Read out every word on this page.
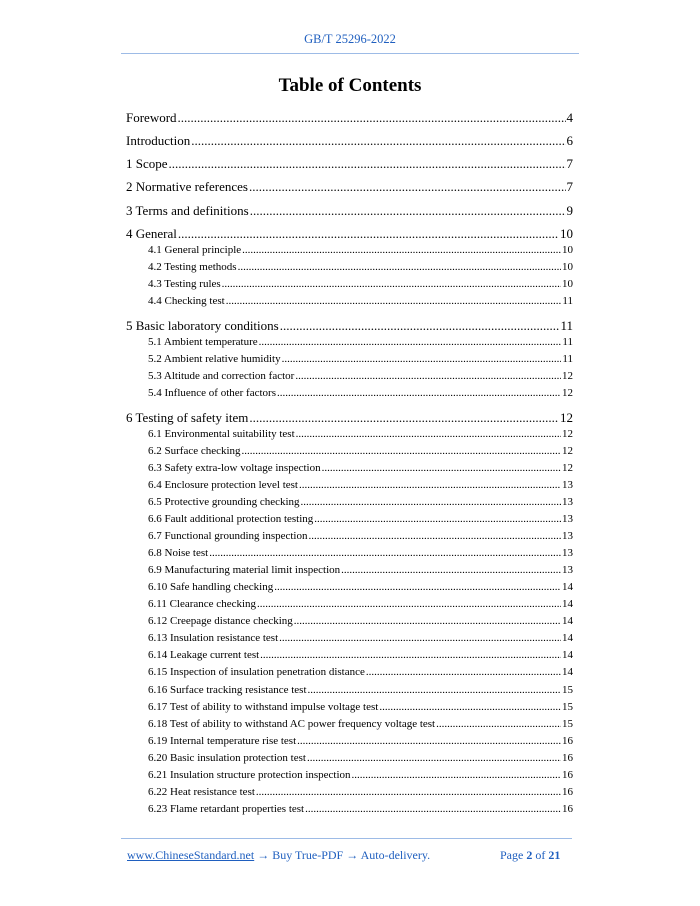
GB/T 25296-2022
Table of Contents
Foreword .....	4
Introduction .....	6
1 Scope .....	7
2 Normative references .....	7
3 Terms and definitions .....	9
4 General .....	10
4.1 General principle .....	10
4.2 Testing methods .....	10
4.3 Testing rules .....	10
4.4 Checking test .....	11
5 Basic laboratory conditions .....	11
5.1 Ambient temperature .....	11
5.2 Ambient relative humidity .....	11
5.3 Altitude and correction factor .....	12
5.4 Influence of other factors .....	12
6 Testing of safety item .....	12
6.1 Environmental suitability test .....	12
6.2 Surface checking .....	12
6.3 Safety extra-low voltage inspection .....	12
6.4 Enclosure protection level test .....	13
6.5 Protective grounding checking .....	13
6.6 Fault additional protection testing .....	13
6.7 Functional grounding inspection .....	13
6.8 Noise test .....	13
6.9 Manufacturing material limit inspection .....	13
6.10 Safe handling checking .....	14
6.11 Clearance checking .....	14
6.12 Creepage distance checking .....	14
6.13 Insulation resistance test .....	14
6.14 Leakage current test .....	14
6.15 Inspection of insulation penetration distance .....	14
6.16 Surface tracking resistance test .....	15
6.17 Test of ability to withstand impulse voltage test .....	15
6.18 Test of ability to withstand AC power frequency voltage test .....	15
6.19 Internal temperature rise test .....	16
6.20 Basic insulation protection test .....	16
6.21 Insulation structure protection inspection .....	16
6.22 Heat resistance test .....	16
6.23 Flame retardant properties test .....	16
www.ChineseStandard.net → Buy True-PDF → Auto-delivery.	Page 2 of 21
